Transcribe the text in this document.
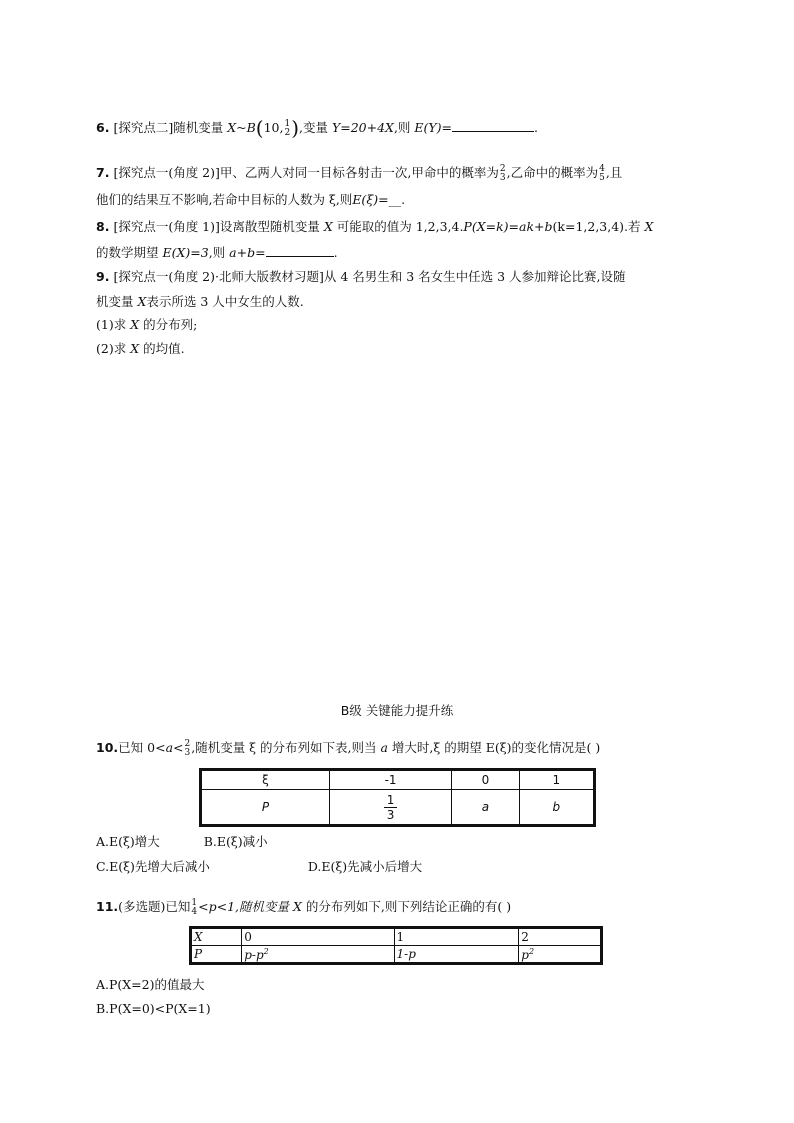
6. [探究点二]随机变量 X~B(10, 1
2 ),变量 Y=20+4X,则 E(Y)=	.
7. [探究点一(角度 2)]甲、乙两人对同一目标各射击一次,甲命中的概率为 2
3 ,乙命中的概率为 4
5 ,且
他们的结果互不影响,若命中目标的人数为 ξ,则E(ξ)=__.
8. [探究点一(角度 1)]设离散型随机变量 X 可能取的值为 1,2,3,4.P(X=k)=ak+b(k=1,2,3,4).若 X
的数学期望 E(X)=3,则 a+b=	.
9. [探究点一(角度 2)·北师大版教材习题]从 4 名男生和 3 名女生中任选 3 人参加辩论比赛,设随
机变量 X表示所选 3 人中女生的人数.
(1)求 X 的分布列;
(2)求 X 的均值.
B级 关键能力提升练
10.已知 0<a< 2
3 ,随机变量 ξ 的分布列如下表,则当 a 增大时,ξ 的期望 E(ξ)的变化情况是( )
ξ	-1	0	1
P	$\frac{1}{3}$	a	b
A.E(ξ)增大	B.E(ξ)减小
C.E(ξ)先增大后减小	D.E(ξ)先减小后增大
11.(多选题)已知 1
4 <p<1,随机变量 X 的分布列如下,则下列结论正确的有( )
X	0	1	2
P	$p-p^2$	1-p	$p^2$
A.P(X=2)的值最大
B.P(X=0)<P(X=1)
